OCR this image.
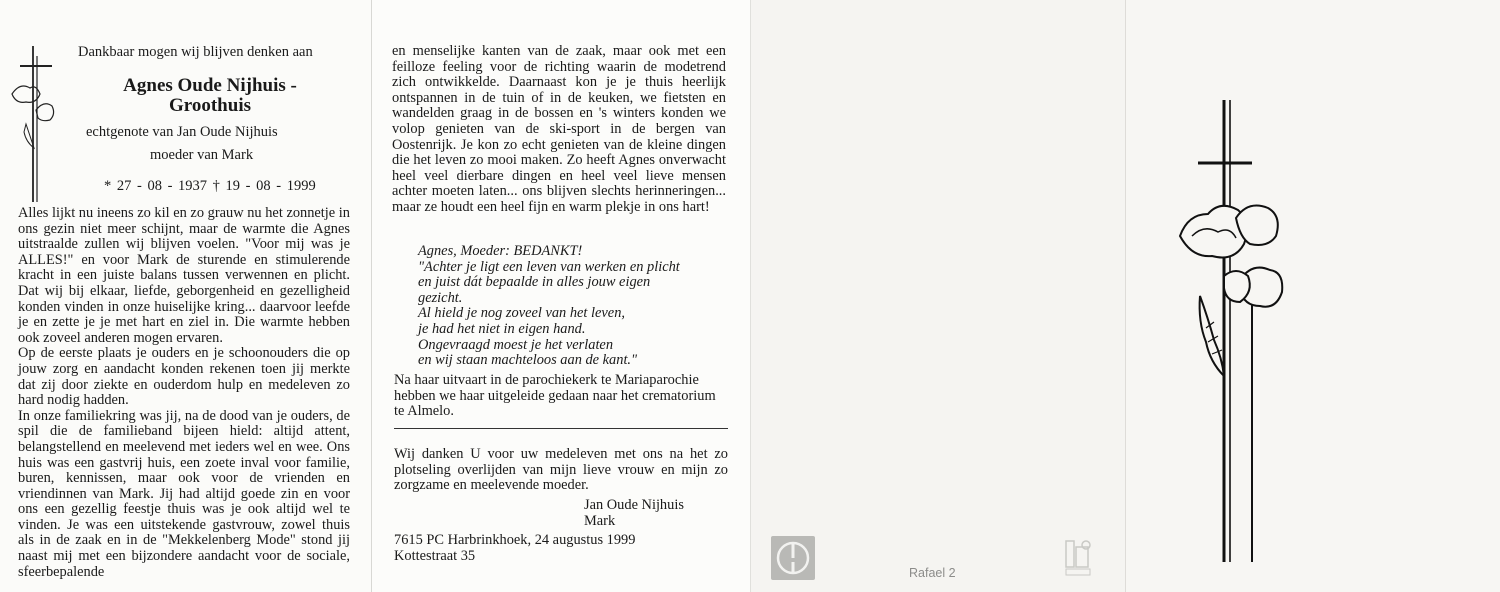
Dankbaar mogen wij blijven denken aan
Agnes Oude Nijhuis -
Groothuis
echtgenote van Jan Oude Nijhuis
moeder van Mark
* 27 - 08 - 1937 † 19 - 08 - 1999

Alles lijkt nu ineens zo kil en zo grauw nu het zonnetje in ons gezin niet meer schijnt, maar de warmte die Agnes uitstraalde zullen wij blijven voelen. "Voor mij was je ALLES!" en voor Mark de sturende en stimulerende kracht in een juiste balans tussen verwennen en plicht. Dat wij bij elkaar, liefde, geborgenheid en gezelligheid konden vinden in onze huiselijke kring... daarvoor leefde je en zette je je met hart en ziel in. Die warmte hebben ook zoveel anderen mogen ervaren.

Op de eerste plaats je ouders en je schoonouders die op jouw zorg en aandacht konden rekenen toen jij merkte dat zij door ziekte en ouderdom hulp en medeleven zo hard nodig hadden.

In onze familiekring was jij, na de dood van je ouders, de spil die de familieband bijeen hield: altijd attent, belangstellend en meelevend met ieders wel en wee. Ons huis was een gastvrij huis, een zoete inval voor familie, buren, kennissen, maar ook voor de vrienden en vriendinnen van Mark. Jij had altijd goede zin en voor ons een gezellig feestje thuis was je ook altijd wel te vinden. Je was een uitstekende gastvrouw, zowel thuis als in de zaak en in de "Mekkelenberg Mode" stond jij naast mij met een bijzondere aandacht voor de sociale, sfeerbepalende

en menselijke kanten van de zaak, maar ook met een feilloze feeling voor de richting waarin de modetrend zich ontwikkelde. Daarnaast kon je je thuis heerlijk ontspannen in de tuin of in de keuken, we fietsten en wandelden graag in de bossen en 's winters konden we volop genieten van de ski-sport in de bergen van Oostenrijk. Je kon zo echt genieten van de kleine dingen die het leven zo mooi maken. Zo heeft Agnes onverwacht heel veel dierbare dingen en heel veel lieve mensen achter moeten laten... ons blijven slechts herinneringen... maar ze houdt een heel fijn en warm plekje in ons hart!
Agnes, Moeder: BEDANKT!
"Achter je ligt een leven van werken en plicht
en juist dát bepaalde in alles jouw eigen
gezicht.
Al hield je nog zoveel van het leven,
je had het niet in eigen hand.
Ongevraagd moest je het verlaten
en wij staan machteloos aan de kant."
Na haar uitvaart in de parochiekerk te Mariaparochie hebben we haar uitgeleide gedaan naar het crematorium te Almelo.
Wij danken U voor uw medeleven met ons na het zo plotseling overlijden van mijn lieve vrouw en mijn zo zorgzame en meelevende moeder.
Jan Oude Nijhuis
Mark
7615 PC Harbrinkhoek, 24 augustus 1999
Kottestraat 35
Rafael 2
